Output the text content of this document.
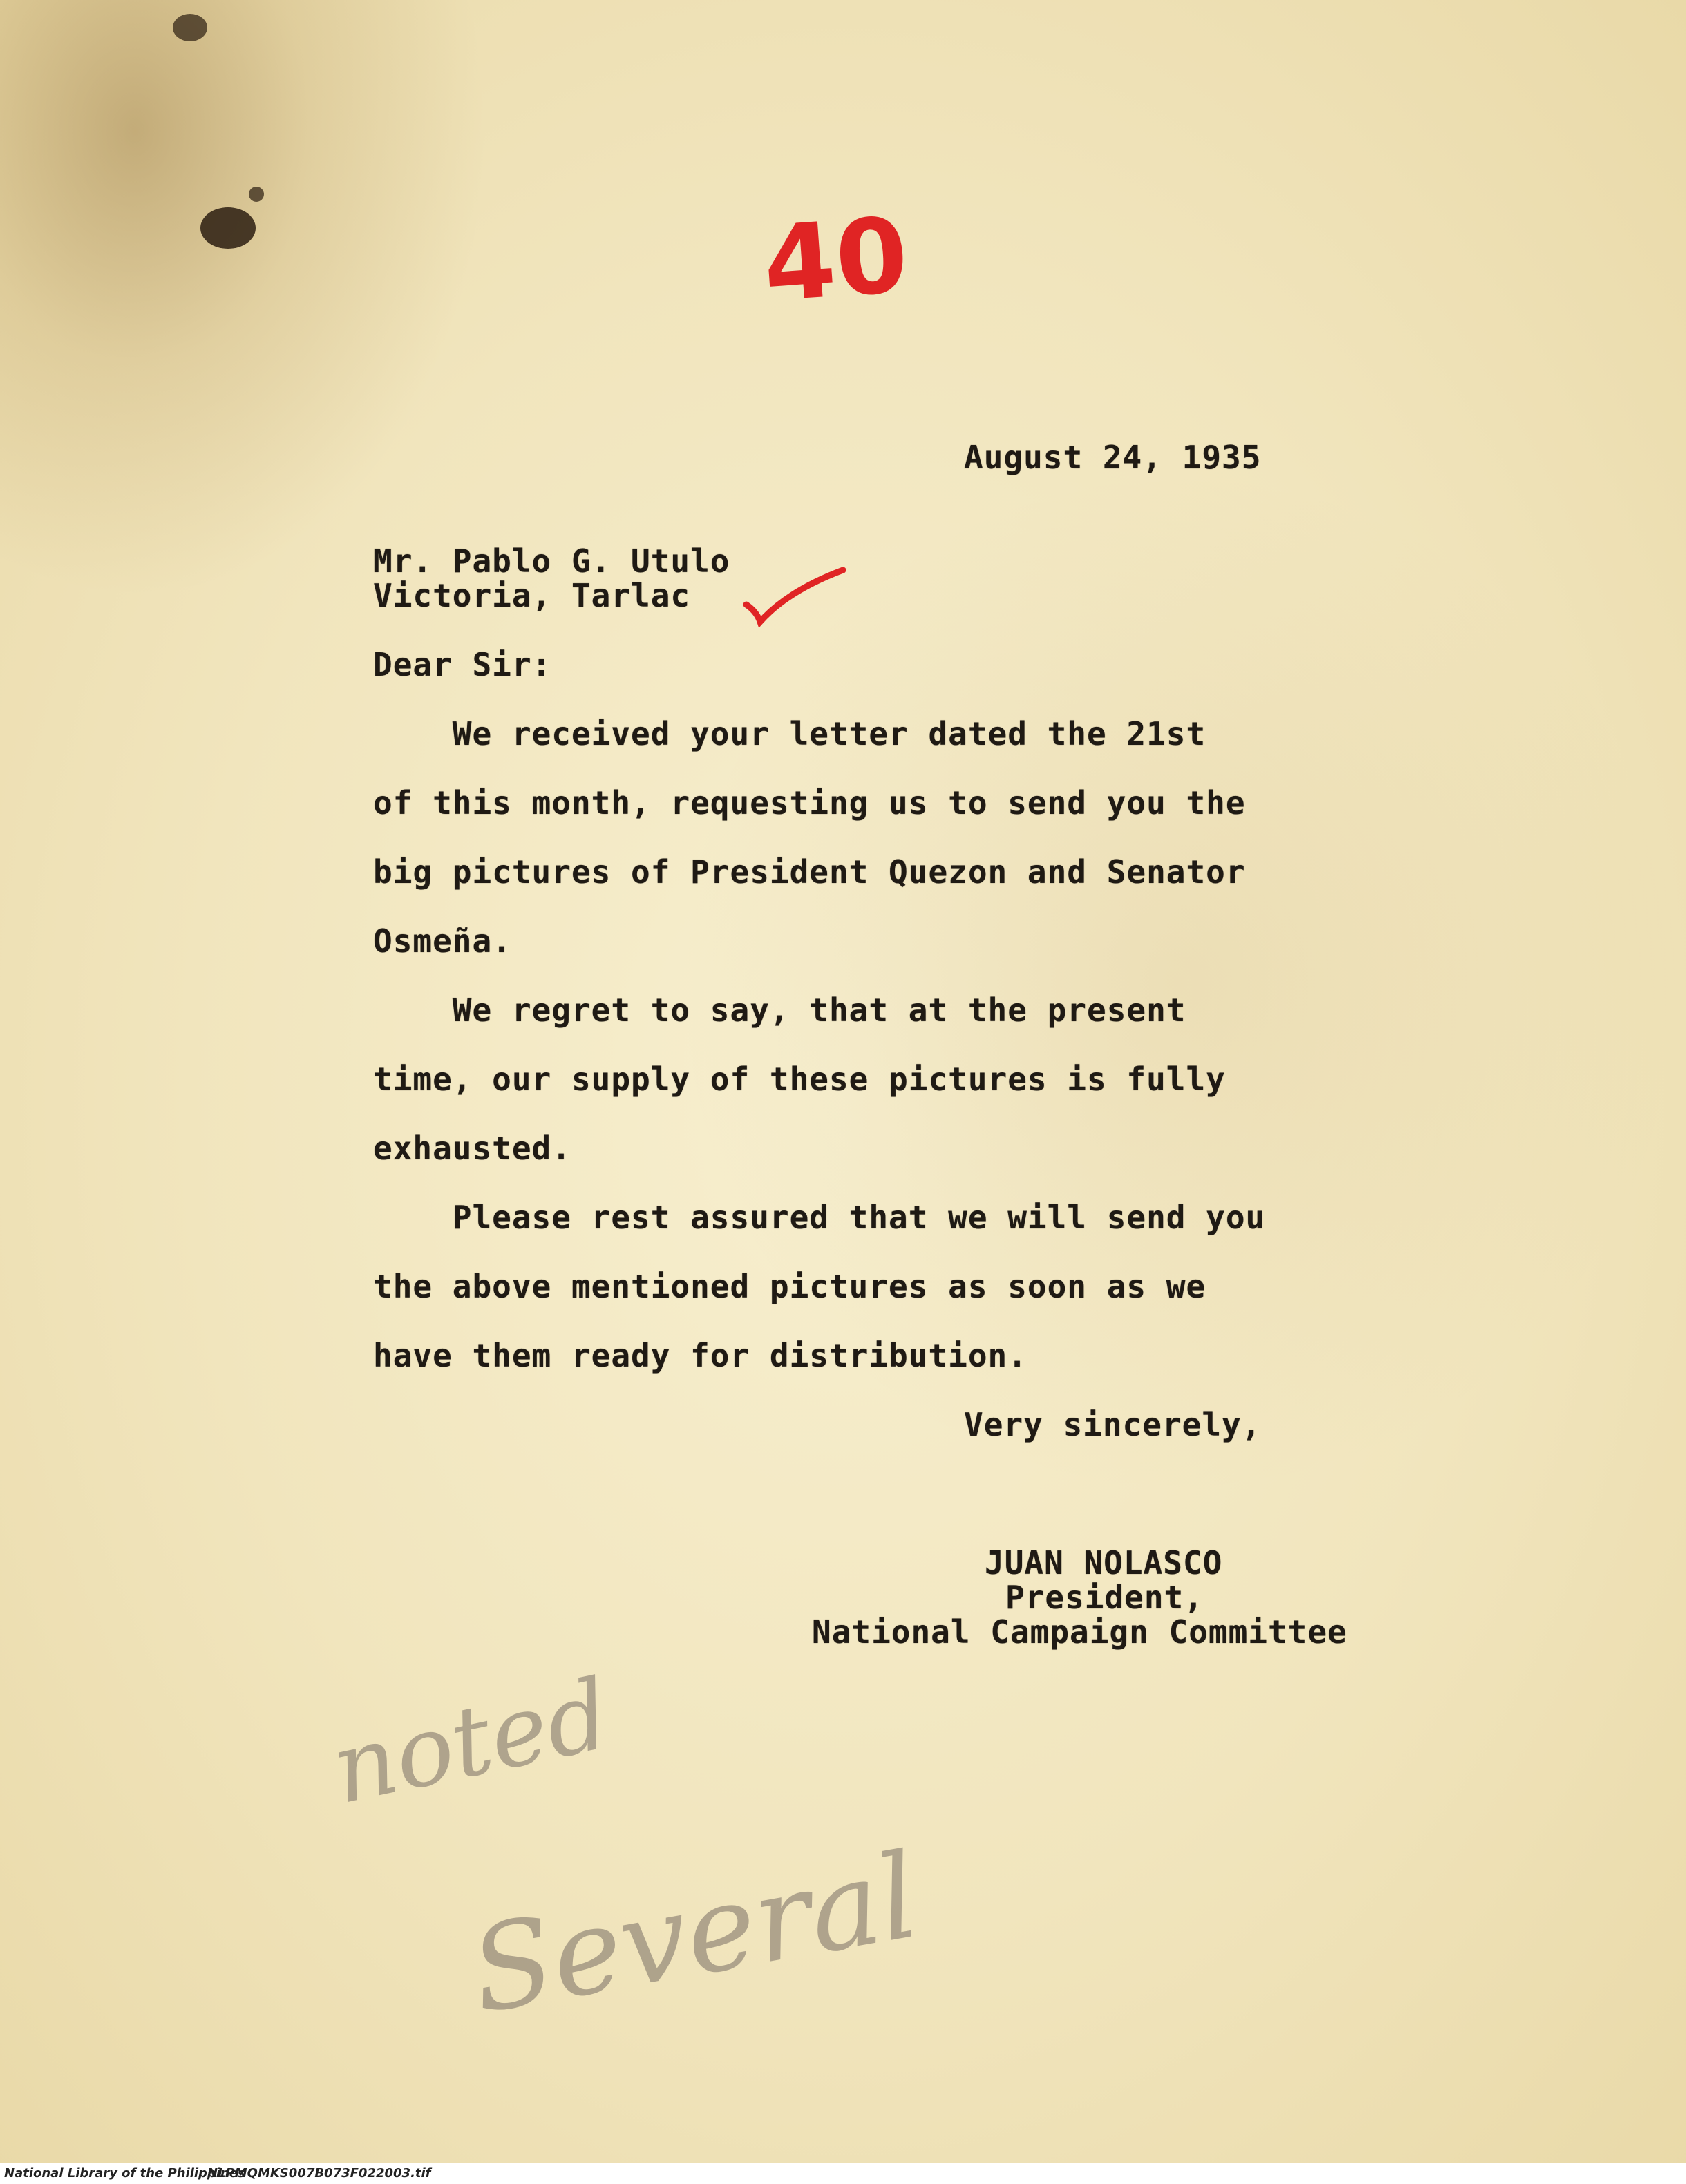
40
August 24, 1935
Mr. Pablo G. Utulo
Victoria, Tarlac
Dear Sir:
We received your letter dated the 21st
of this month, requesting us to send you the
big pictures of President Quezon and Senator
Osmeña.
We regret to say, that at the present
time, our supply of these pictures is fully
exhausted.
Please rest assured that we will send you
the above mentioned pictures as soon as we
have them ready for distribution.
Very sincerely,
JUAN NOLASCO
President,
National Campaign Committee
noted
Several
National Library of the Philippines
NLPMQMKS007B073F022003.tif
